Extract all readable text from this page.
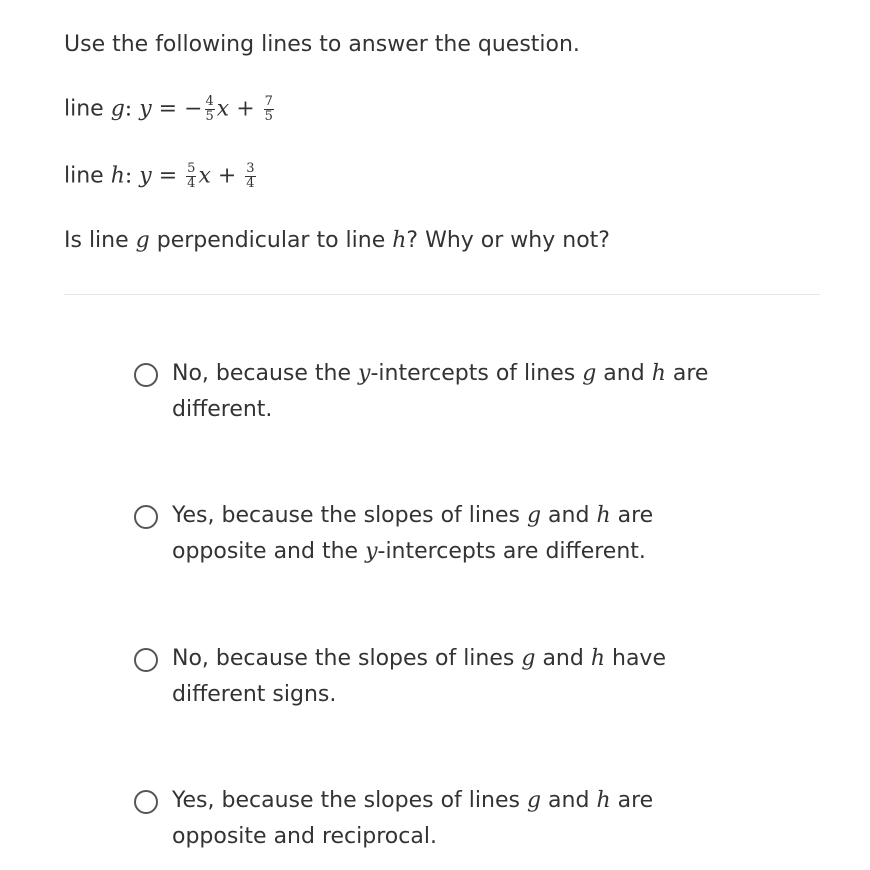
Use the following lines to answer the question.
line g: y = − $\frac{4}{5}$ $x + \frac{7}{5}$
line h: $y = \frac{5}{4}$ $x + \frac{3}{4}$
Is line g perpendicular to line h? Why or why not?
No, because the y-intercepts of lines g and h are
different.
Yes, because the slopes of lines g and h are
opposite and the y-intercepts are different.
No, because the slopes of lines g and h have
different signs.
Yes, because the slopes of lines g and h are
opposite and reciprocal.
